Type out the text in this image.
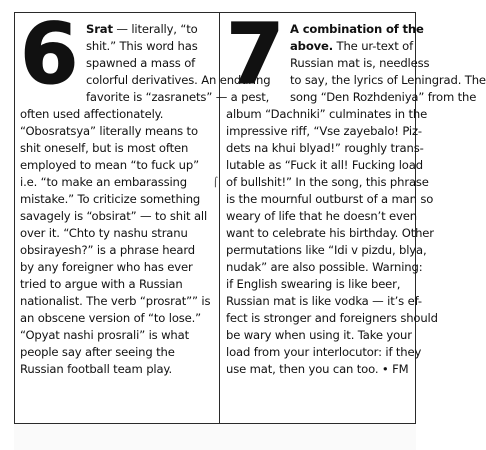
⌠
6 Srat — literally, “to
shit.” This word has
spawned a mass of
colorful derivatives. An enduring
favorite is “zasranets” — a pest,
often used affectionately.
“Obosratsya” literally means to
shit oneself, but is most often
employed to mean “to fuck up”
i.e. “to make an embarassing
mistake.” To criticize something
savagely is “obsirat” — to shit all
over it. “Chto ty nashu stranu
obsirayesh?” is a phrase heard
by any foreigner who has ever
tried to argue with a Russian
nationalist. The verb “prosrat”” is
an obscene version of “to lose.”
“Opyat nashi prosrali” is what
people say after seeing the
Russian football team play.
7 A combination of the
above. The ur-text of
Russian mat is, needless
to say, the lyrics of Leningrad. The
song “Den Rozhdeniya” from the
album “Dachniki” culminates in the
impressive riff, “Vse zayebalo! Piz-
dets na khui blyad!” roughly trans-
lutable as “Fuck it all! Fucking load
of bullshit!” In the song, this phrase
is the mournful outburst of a man so
weary of life that he doesn’t even
want to celebrate his birthday. Other
permutations like “Idi v pizdu, blya,
nudak” are also possible. Warning:
if English swearing is like beer,
Russian mat is like vodka — it’s ef-
fect is stronger and foreigners should
be wary when using it. Take your
load from your interlocutor: if they
use mat, then you can too. • FM
